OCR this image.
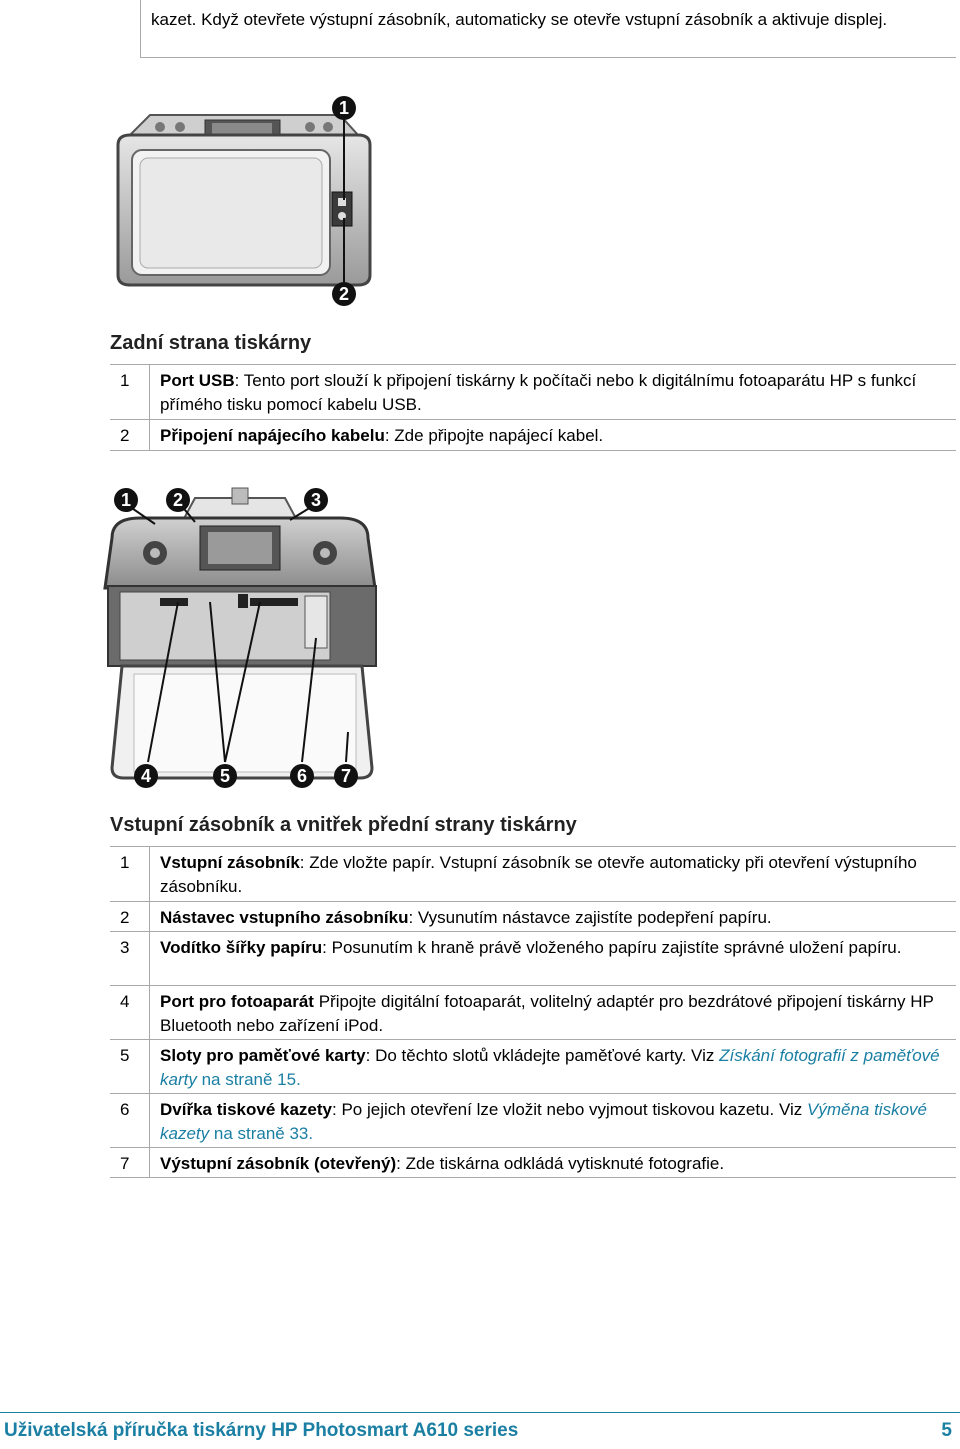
kazet. Když otevřete výstupní zásobník, automaticky se otevře vstupní zásobník a aktivuje displej.
1
2
Zadní strana tiskárny
1	Port USB: Tento port slouží k připojení tiskárny k počítači nebo k digitálnímu fotoaparátu HP s funkcí přímého tisku pomocí kabelu USB.
2	Připojení napájecího kabelu: Zde připojte napájecí kabel.
1 2	3
4	5	6 7
Vstupní zásobník a vnitřek přední strany tiskárny
1	Vstupní zásobník: Zde vložte papír. Vstupní zásobník se otevře automaticky při otevření výstupního zásobníku.
2	Nástavec vstupního zásobníku: Vysunutím nástavce zajistíte podepření papíru.
3	Vodítko šířky papíru: Posunutím k hraně právě vloženého papíru zajistíte správné uložení papíru.
4	Port pro fotoaparát Připojte digitální fotoaparát, volitelný adaptér pro bezdrátové připojení tiskárny HP Bluetooth nebo zařízení iPod.
5	Sloty pro paměťové karty: Do těchto slotů vkládejte paměťové karty. Viz Získání fotografií z paměťové karty na straně 15.
6	Dvířka tiskové kazety: Po jejich otevření lze vložit nebo vyjmout tiskovou kazetu. Viz Výměna tiskové kazety na straně 33.
7	Výstupní zásobník (otevřený): Zde tiskárna odkládá vytisknuté fotografie.
Uživatelská příručka tiskárny HP Photosmart A610 series	5
